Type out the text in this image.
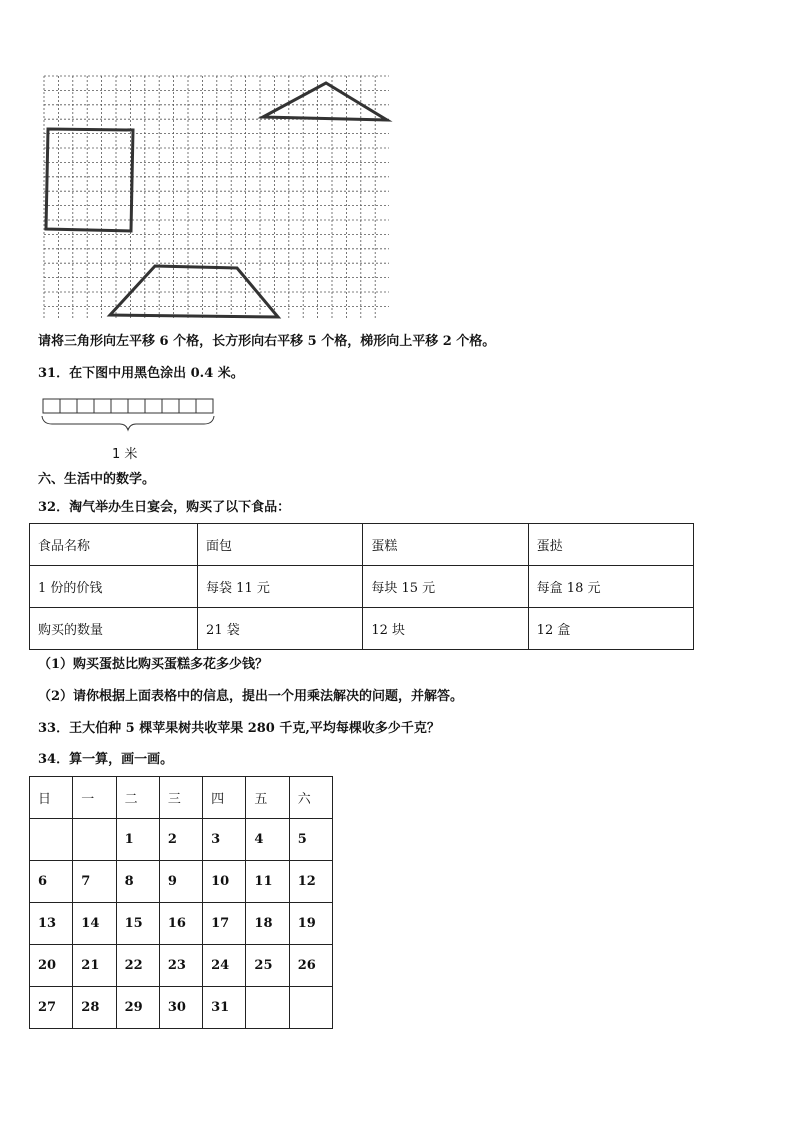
请将三角形向左平移 6 个格，长方形向右平移 5 个格，梯形向上平移 2 个格。
31．在下图中用黑色涂出 0.4 米。
1 米
六、生活中的数学。
32．淘气举办生日宴会，购买了以下食品：
食品名称	面包	蛋糕	蛋挞
1 份的价钱	每袋 11 元	每块 15 元	每盒 18 元
购买的数量	21 袋	12 块	12 盒
（1）购买蛋挞比购买蛋糕多花多少钱？
（2）请你根据上面表格中的信息，提出一个用乘法解决的问题，并解答。
33．王大伯种 5 棵苹果树共收苹果 280 千克,平均每棵收多少千克？
34．算一算，画一画。
日	一	二	三	四	五	六
		1	2	3	4	5
6	7	8	9	10	11	12
13	14	15	16	17	18	19
20	21	22	23	24	25	26
27	28	29	30	31		
